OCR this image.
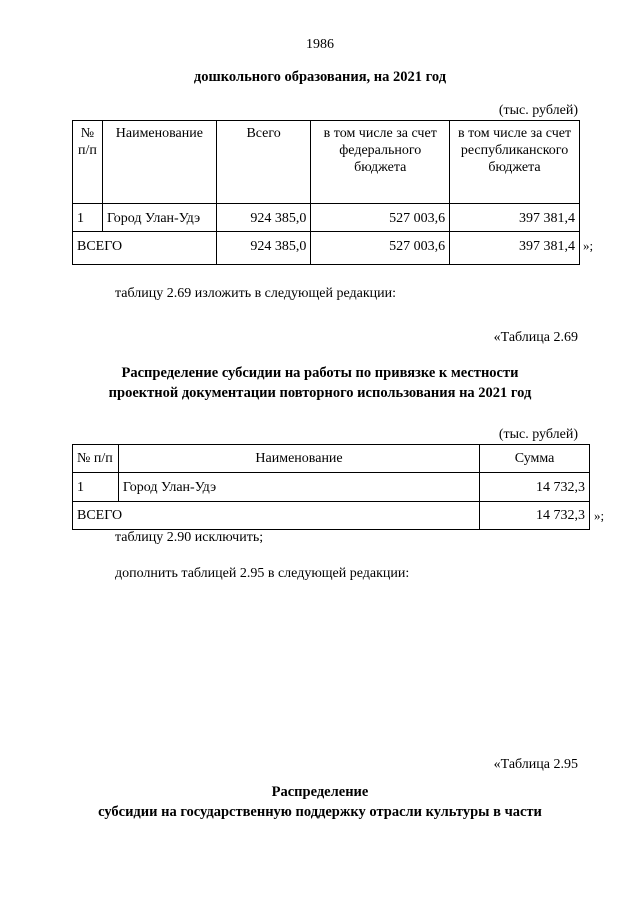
1986
дошкольного образования, на 2021 год
(тыс. рублей)
№ п/п	Наименование	Всего	в том числе за счет федерального бюджета	в том числе за счет республиканского бюджета
1	Город Улан-Удэ	924 385,0	527 003,6	397 381,4
ВСЕГО		924 385,0	527 003,6	397 381,4 »;
таблицу 2.69 изложить в следующей редакции:
«Таблица 2.69
Распределение субсидии на работы по привязке к местности
проектной документации повторного использования на 2021 год
(тыс. рублей)
№ п/п	Наименование	Сумма
1	Город Улан-Удэ	14 732,3
ВСЕГО		14 732,3 »;
таблицу 2.90 исключить;
дополнить таблицей 2.95 в следующей редакции:
«Таблица 2.95
Распределение
субсидии на государственную поддержку отрасли культуры в части
